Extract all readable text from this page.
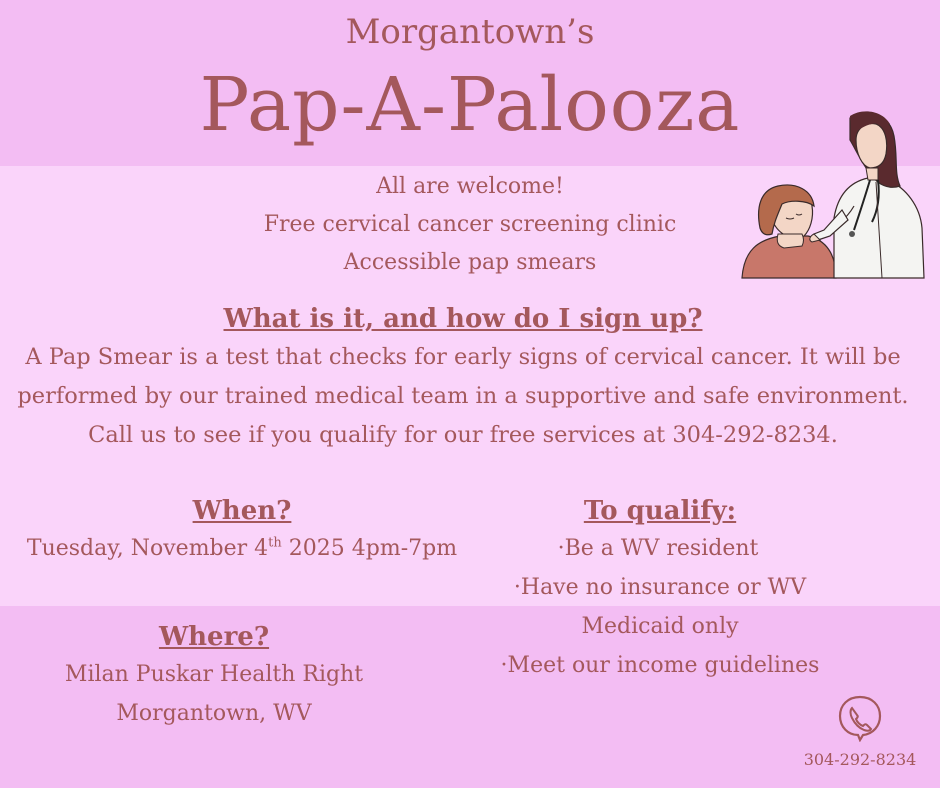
Morgantown’s
Pap-A-Palooza
All are welcome!
Free cervical cancer screening clinic
Accessible pap smears
What is it, and how do I sign up?
A Pap Smear is a test that checks for early signs of cervical cancer. It will be
performed by our trained medical team in a supportive and safe environment.
Call us to see if you qualify for our free services at 304-292-8234.
When?
Tuesday, November 4th 2025 4pm-7pm
To qualify:
·Be a WV resident
·Have no insurance or WV
Medicaid only
·Meet our income guidelines
Where?
Milan Puskar Health Right
Morgantown, WV
304-292-8234
